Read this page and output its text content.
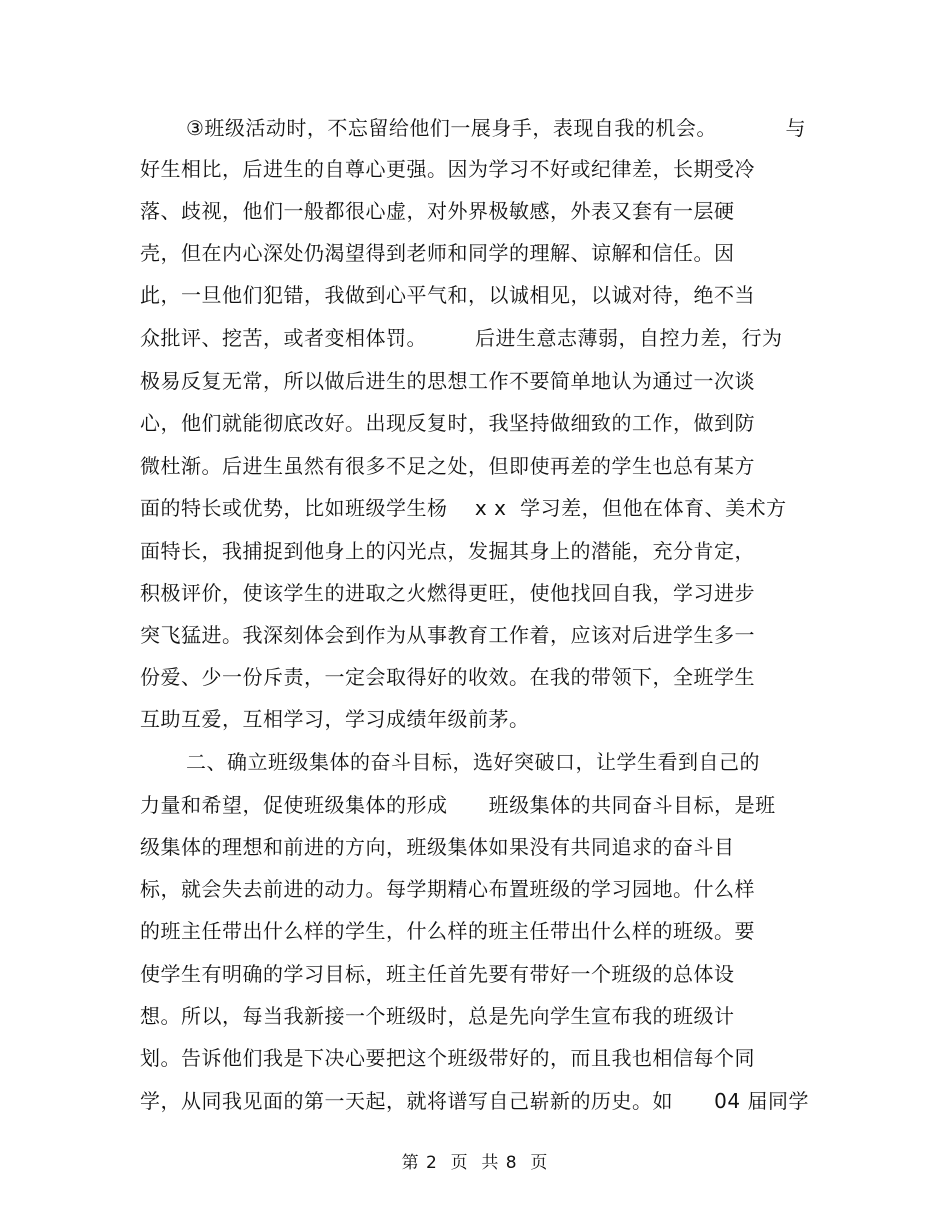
③班级活动时，不忘留给他们一展身手，表现自我的机会。          与
好生相比，后进生的自尊心更强。因为学习不好或纪律差，长期受冷
落、歧视，他们一般都很心虚，对外界极敏感，外表又套有一层硬
壳，但在内心深处仍渴望得到老师和同学的理解、谅解和信任。因
此，一旦他们犯错，我做到心平气和，以诚相见，以诚对待，绝不当
众批评、挖苦，或者变相体罚。       后进生意志薄弱，自控力差，行为
极易反复无常，所以做后进生的思想工作不要简单地认为通过一次谈
心，他们就能彻底改好。出现反复时，我坚持做细致的工作，做到防
微杜渐。后进生虽然有很多不足之处，但即使再差的学生也总有某方
面的特长或优势，比如班级学生杨    x x  学习差，但他在体育、美术方
面特长，我捕捉到他身上的闪光点，发掘其身上的潜能，充分肯定，
积极评价，使该学生的进取之火燃得更旺，使他找回自我，学习进步
突飞猛进。我深刻体会到作为从事教育工作着，应该对后进学生多一
份爱、少一份斥责，一定会取得好的收效。在我的带领下，全班学生
互助互爱，互相学习，学习成绩年级前茅。
二、确立班级集体的奋斗目标，选好突破口，让学生看到自己的
力量和希望，促使班级集体的形成      班级集体的共同奋斗目标，是班
级集体的理想和前进的方向，班级集体如果没有共同追求的奋斗目
标，就会失去前进的动力。每学期精心布置班级的学习园地。什么样
的班主任带出什么样的学生，什么样的班主任带出什么样的班级。要
使学生有明确的学习目标，班主任首先要有带好一个班级的总体设
想。所以，每当我新接一个班级时，总是先向学生宣布我的班级计
划。告诉他们我是下决心要把这个班级带好的，而且我也相信每个同
学，从同我见面的第一天起，就将谱写自己崭新的历史。如      04 届同学
第 2  页  共 8  页
